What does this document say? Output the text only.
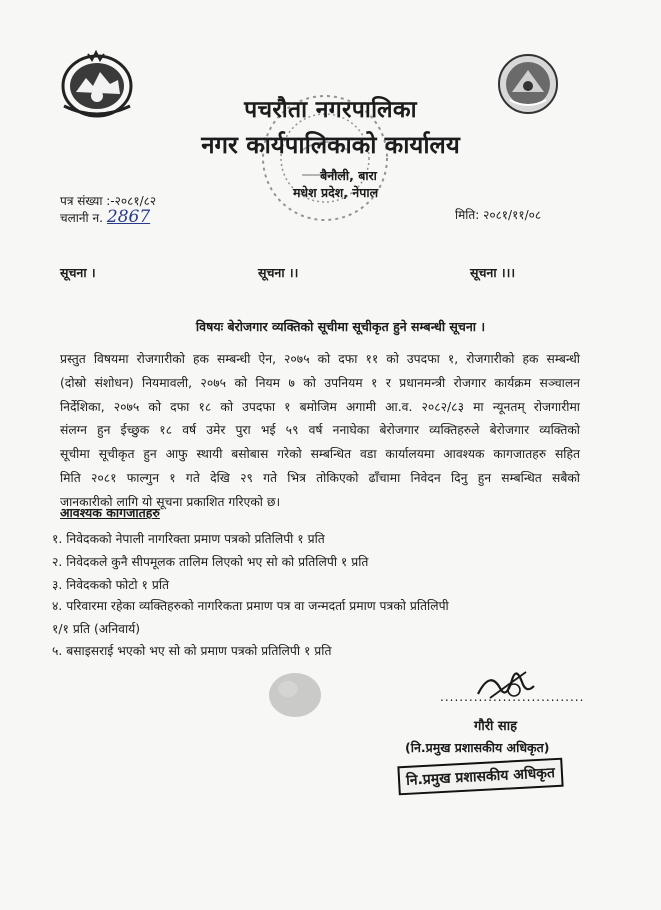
पचरौता नगरपालिका
नगर कार्यपालिकाको कार्यालय
बैनौली, बारा
मधेश प्रदेश, नेपाल
पत्र संख्या :-२०८१/८२
चलानी न. 2867	मिति: २०८१/११/०८
सूचना ।	सूचना ।।	सूचना ।।।
विषयः बेरोजगार व्यक्तिको सूचीमा सूचीकृत हुने सम्बन्धी सूचना ।
प्रस्तुत विषयमा रोजगारीको हक सम्बन्धी ऐन, २०७५ को दफा ११ को उपदफा १, रोजगारीको हक सम्बन्धी
(दोस्रो संशोधन) नियमावली, २०७५ को नियम ७ को उपनियम १ र प्रधानमन्त्री रोजगार कार्यक्रम सञ्चालन
निर्देशिका, २०७५ को दफा १८ को उपदफा १ बमोजिम अगामी आ.व. २०८२/८३ मा न्यूनतम् रोजगारीमा
संलग्न हुन ईच्छुक १८ वर्ष उमेर पुरा भई ५९ वर्ष ननाघेका बेरोजगार व्यक्तिहरुले बेरोजगार व्यक्तिको
सूचीमा सूचीकृत हुन आफु स्थायी बसोबास गरेको सम्बन्धित वडा कार्यालयमा आवश्यक कागजातहरु सहित
मिति २०८१ फाल्गुन १ गते देखि २९ गते भित्र तोकिएको ढाँचामा निवेदन दिनु हुन सम्बन्धित सबैको
जानकारीको लागि यो सूचना प्रकाशित गरिएको छ।
आवश्यक कागजातहरु
१. निवेदकको नेपाली नागरिक्ता प्रमाण पत्रको प्रतिलिपी १ प्रति
२. निवेदकले कुनै सीपमूलक तालिम लिएको भए सो को प्रतिलिपी १ प्रति
३. निवेदकको फोटो १ प्रति
४. परिवारमा रहेका व्यक्तिहरुको नागरिकता प्रमाण पत्र वा जन्मदर्ता प्रमाण पत्रको प्रतिलिपी
१/१ प्रति (अनिवार्य)
५. बसाइसराई भएको भए सो को प्रमाण पत्रको प्रतिलिपी १ प्रति
..............................
गौरी साह
(नि.प्रमुख प्रशासकीय अधिकृत)
नि.प्रमुख प्रशासकीय अधिकृत
